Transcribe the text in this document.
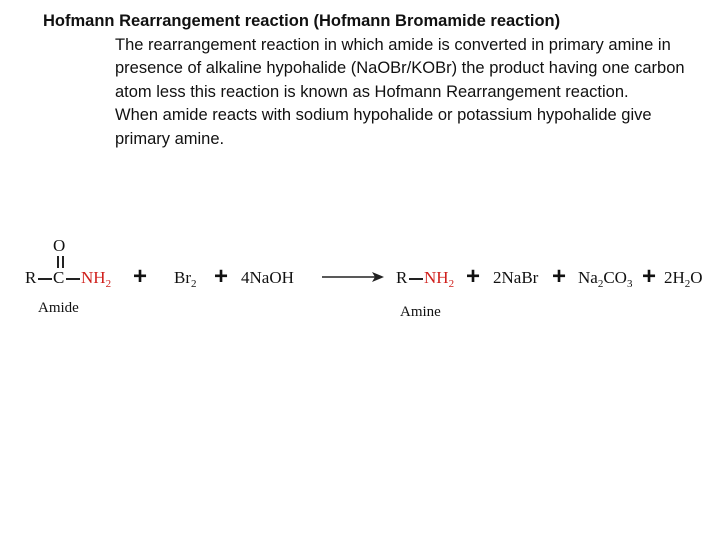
Hofmann Rearrangement reaction (Hofmann Bromamide reaction)

The rearrangement reaction in which amide is converted in primary amine in presence of alkaline hypohalide (NaOBr/KOBr) the product having one carbon atom less this reaction is known as Hofmann Rearrangement reaction.

When amide reacts with sodium hypohalide or potassium hypohalide give primary amine.

O
R C $NH_2$
Amide
+ $Br_2$ + 4NaOH → R $NH_2$
Amine
+ 2NaBr + $Na_2CO_3 + 2H_2O$
